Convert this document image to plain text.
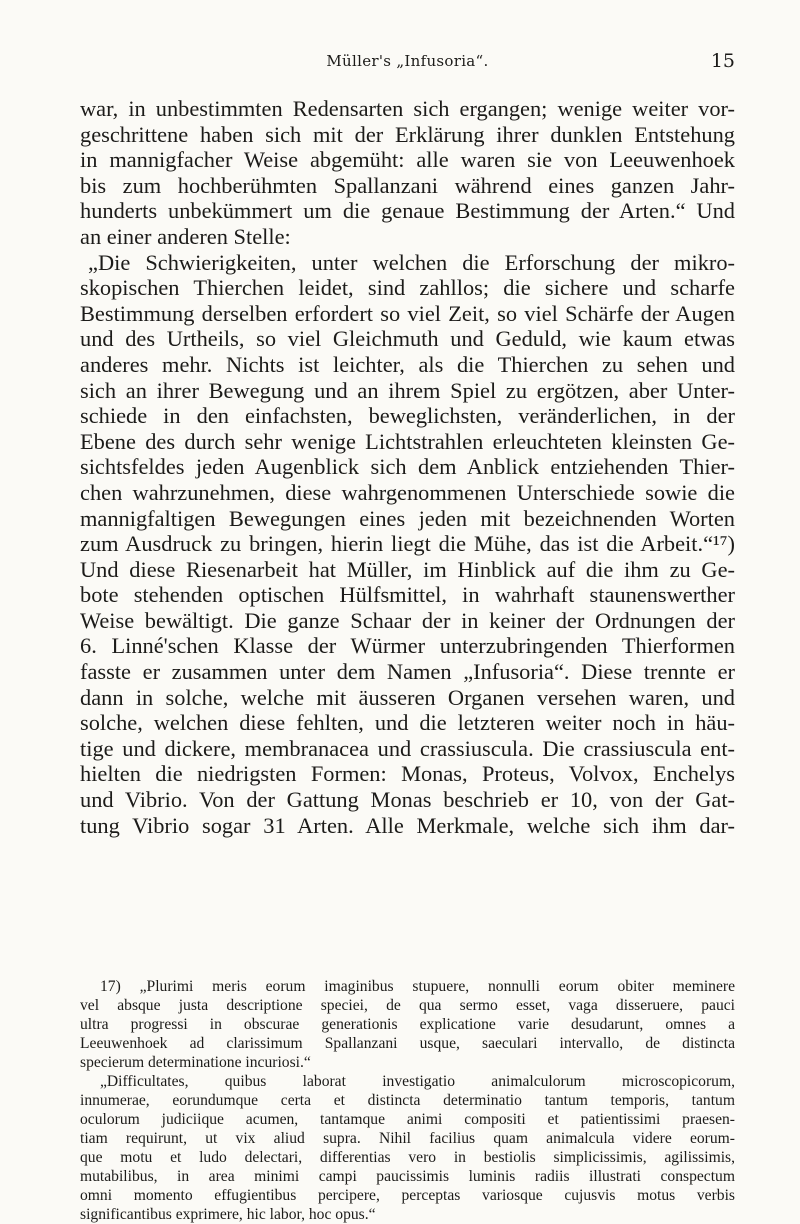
Müller's „Infusoria“.	15
war, in unbestimmten Redensarten sich ergangen; wenige weiter vor-
geschrittene haben sich mit der Erklärung ihrer dunklen Entstehung
in mannigfacher Weise abgemüht: alle waren sie von Leeuwenhoek
bis zum hochberühmten Spallanzani während eines ganzen Jahr-
hunderts unbekümmert um die genaue Bestimmung der Arten.“ Und
an einer anderen Stelle:
„Die Schwierigkeiten, unter welchen die Erforschung der mikro-
skopischen Thierchen leidet, sind zahllos; die sichere und scharfe
Bestimmung derselben erfordert so viel Zeit, so viel Schärfe der Augen
und des Urtheils, so viel Gleichmuth und Geduld, wie kaum etwas
anderes mehr. Nichts ist leichter, als die Thierchen zu sehen und
sich an ihrer Bewegung und an ihrem Spiel zu ergötzen, aber Unter-
schiede in den einfachsten, beweglichsten, veränderlichen, in der
Ebene des durch sehr wenige Lichtstrahlen erleuchteten kleinsten Ge-
sichtsfeldes jeden Augenblick sich dem Anblick entziehenden Thier-
chen wahrzunehmen, diese wahrgenommenen Unterschiede sowie die
mannigfaltigen Bewegungen eines jeden mit bezeichnenden Worten
zum Ausdruck zu bringen, hierin liegt die Mühe, das ist die Arbeit.“¹⁷)
Und diese Riesenarbeit hat Müller, im Hinblick auf die ihm zu Ge-
bote stehenden optischen Hülfsmittel, in wahrhaft staunenswerther
Weise bewältigt. Die ganze Schaar der in keiner der Ordnungen der
6. Linné'schen Klasse der Würmer unterzubringenden Thierformen
fasste er zusammen unter dem Namen „Infusoria“. Diese trennte er
dann in solche, welche mit äusseren Organen versehen waren, und
solche, welchen diese fehlten, und die letzteren weiter noch in häu-
tige und dickere, membranacea und crassiuscula. Die crassiuscula ent-
hielten die niedrigsten Formen: Monas, Proteus, Volvox, Enchelys
und Vibrio. Von der Gattung Monas beschrieb er 10, von der Gat-
tung Vibrio sogar 31 Arten. Alle Merkmale, welche sich ihm dar-
17) „Plurimi meris eorum imaginibus stupuere, nonnulli eorum obiter meminere
vel absque justa descriptione speciei, de qua sermo esset, vaga disseruere, pauci
ultra progressi in obscurae generationis explicatione varie desudarunt, omnes a
Leeuwenhoek ad clarissimum Spallanzani usque, saeculari intervallo, de distincta
specierum determinatione incuriosi.“
„Difficultates, quibus laborat investigatio animalculorum microscopicorum,
innumerae, eorundumque certa et distincta determinatio tantum temporis, tantum
oculorum judiciique acumen, tantamque animi compositi et patientissimi praesen-
tiam requirunt, ut vix aliud supra. Nihil facilius quam animalcula videre eorum-
que motu et ludo delectari, differentias vero in bestiolis simplicissimis, agilissimis,
mutabilibus, in area minimi campi paucissimis luminis radiis illustrati conspectum
omni momento effugientibus percipere, perceptas variosque cujusvis motus verbis
significantibus exprimere, hic labor, hoc opus.“
